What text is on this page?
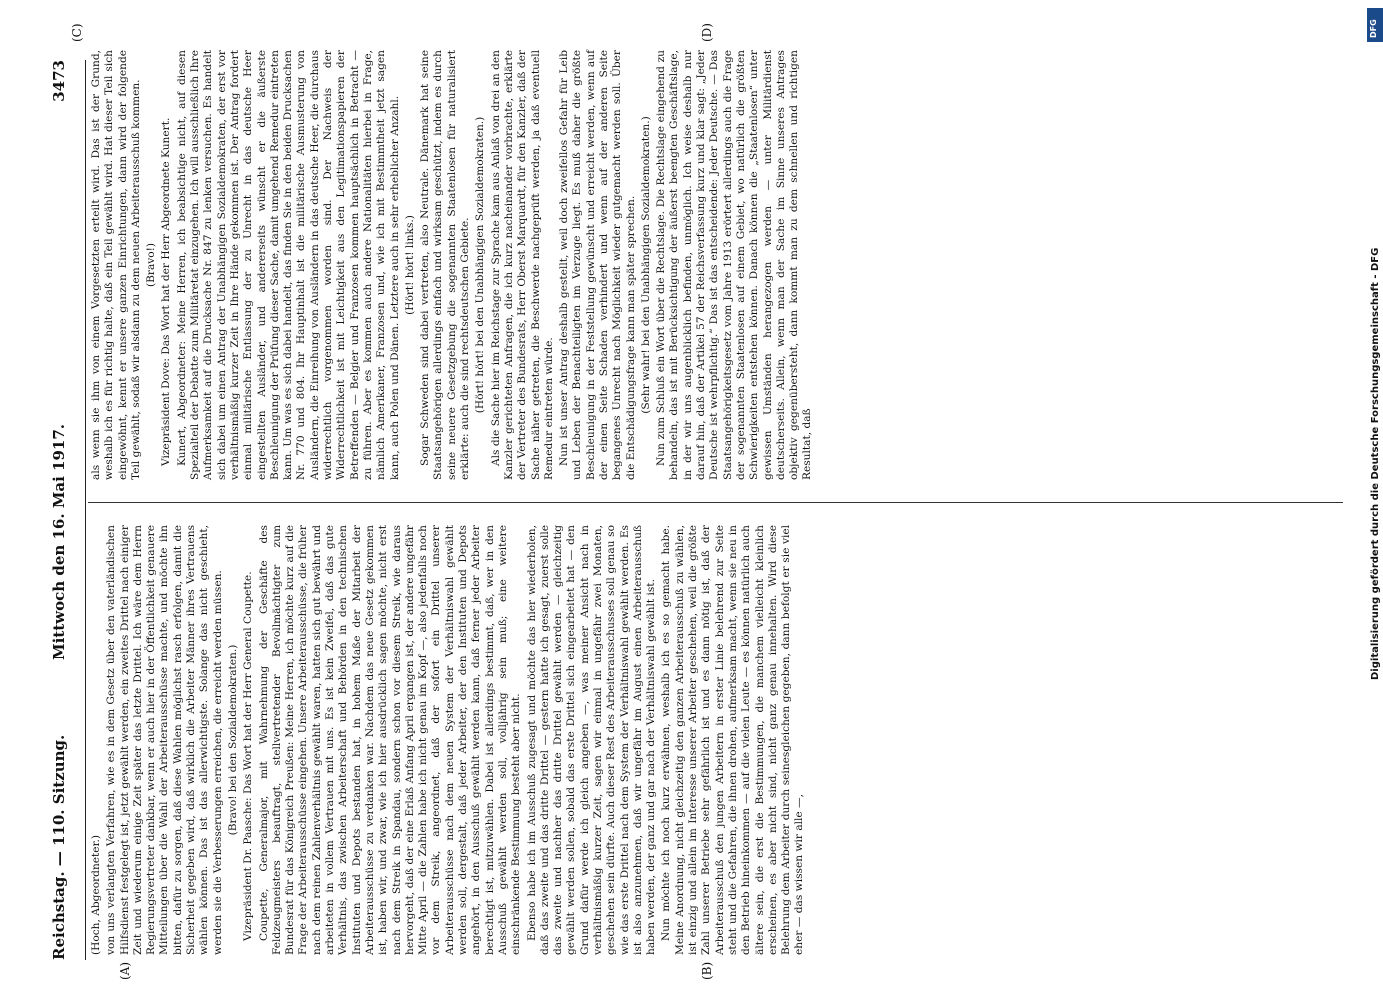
Reichstag. — 110. Sitzung.
Mittwoch den 16. Mai 1917.
3473
(A)	(B)
(C)	(D)

(Hoch, Abgeordneter.) von uns verlangten Verfahren, wie es in dem Gesetz über den vaterländischen Hilfsdienst festgelegt ist, jetzt gewählt werden, ein zweites Drittel nach einiger Zeit und wiederum einige Zeit später das letzte Drittel. Ich wäre dem Herrn Regierungsvertreter dankbar, wenn er auch hier in der Öffentlichkeit genauere Mitteilungen über die Wahl der Arbeiterausschüsse machte, und möchte ihn bitten, dafür zu sorgen, daß diese Wahlen möglichst rasch erfolgen, damit die Sicherheit gegeben wird, daß wirklich die Arbeiter Männer ihres Vertrauens wählen können. Das ist das allerwichtigste. Solange das nicht geschieht, werden sie die Verbesserungen erreichen, die erreicht werden müssen. (Bravo! bei den Sozialdemokraten.) Vizepräsident Dr. Paasche: Das Wort hat der Herr General Coupette. Coupette, Generalmajor, mit Wahrnehmung der Geschäfte des Feldzeugmeisters beauftragt, stellvertretender Bevollmächtigter zum Bundesrat für das Königreich Preußen: Meine Herren, ich möchte kurz auf die Frage der Arbeiterausschüsse eingehen. Unsere Arbeiterausschüsse, die früher nach dem reinen Zahlenverhältnis gewählt waren, hatten sich gut bewährt und arbeiteten in vollem Vertrauen mit uns. Es ist kein Zweifel, daß das gute Verhältnis, das zwischen Arbeiterschaft und Behörden in den technischen Instituten und Depots bestanden hat, in hohem Maße der Mitarbeit der Arbeiterausschüsse zu verdanken war. Nachdem das neue Gesetz gekommen ist, haben wir, und zwar, wie ich hier ausdrücklich sagen möchte, nicht erst nach dem Streik in Spandau, sondern schon vor diesem Streik, wie daraus hervorgeht, daß der eine Erlaß Anfang April ergangen ist, der andere ungefähr Mitte April — die Zahlen habe ich nicht genau im Kopf —, also jedenfalls noch vor dem Streik, angeordnet, daß der sofort ein Drittel unserer Arbeiterausschüsse nach dem neuen System der Verhältniswahl gewählt werden soll, dergestalt, daß jeder Arbeiter, der den Instituten und Depots angehört, in den Ausschuß gewählt werden kann, daß ferner jeder Arbeiter berechtigt ist, mitzuwählen. Dabei ist allerdings bestimmt, daß, wer in den Ausschuß gewählt werden soll, volljährig sein muß; eine weitere einschränkende Bestimmung besteht aber nicht. Ebenso habe ich im Ausschuß zugesagt und möchte das hier wiederholen, daß das zweite und das dritte Drittel — gestern hatte ich gesagt, zuerst solle das zweite und nachher das dritte Drittel gewählt werden — gleichzeitig gewählt werden sollen, sobald das erste Drittel sich eingearbeitet hat — den Grund dafür werde ich gleich angeben —, was meiner Ansicht nach in verhältnismäßig kurzer Zeit, sagen wir einmal in ungefähr zwei Monaten, geschehen sein dürfte. Auch dieser Rest des Arbeiterausschusses soll genau so wie das erste Drittel nach dem System der Verhältniswahl gewählt werden. Es ist also anzunehmen, daß wir ungefähr im August einen Arbeiterausschuß haben werden, der ganz und gar nach der Verhältniswahl gewählt ist. Nun möchte ich noch kurz erwähnen, weshalb ich es so gemacht habe. Meine Anordnung, nicht gleichzeitig den ganzen Arbeiterausschuß zu wählen, ist einzig und allein im Interesse unserer Arbeiter geschehen, weil die größte Zahl unserer Betriebe sehr gefährlich ist und es dann nötig ist, daß der Arbeiterausschuß den jungen Arbeitern in erster Linie belehrend zur Seite steht und die Gefahren, die ihnen drohen, aufmerksam macht, wenn sie neu in den Betrieb hineinkommen — auf die vielen Leute — es können natürlich auch ältere sein, die erst die Bestimmungen, die manchem vielleicht kleinlich erscheinen, es aber nicht sind, nicht ganz genau innehalten. Wird diese Belehrung dem Arbeiter durch seinesgleichen gegeben, dann befolgt er sie viel eher — das wissen wir alle —,

als wenn sie ihm von einem Vorgesetzten erteilt wird. Das ist der Grund, weshalb ich es für richtig halte, daß ein Teil gewählt wird. Hat dieser Teil sich eingewöhnt, kennt er unsere ganzen Einrichtungen, dann wird der folgende Teil gewählt, sodaß wir alsdann zu dem neuen Arbeiterausschuß kommen. (Bravo!) Vizepräsident Dove: Das Wort hat der Herr Abgeordnete Kunert. Kunert, Abgeordneter: Meine Herren, ich beabsichtige nicht, auf diesen Spezialteil der Debatte zum Militäretat einzugehen. Ich will ausschließlich Ihre Aufmerksamkeit auf die Drucksache Nr. 847 zu lenken versuchen. Es handelt sich dabei um einen Antrag der Unabhängigen Sozialdemokraten, der erst vor verhältnismäßig kurzer Zeit in Ihre Hände gekommen ist. Der Antrag fordert einmal militärische Entlassung der zu Unrecht in das deutsche Heer eingestellten Ausländer, und andererseits wünscht er die äußerste Beschleunigung der Prüfung dieser Sache, damit umgehend Remedur eintreten kann. Um was es sich dabei handelt, das finden Sie in den beiden Drucksachen Nr. 770 und 804. Ihr Hauptinhalt ist die militärische Ausmusterung von Ausländern, die Einreihung von Ausländern in das deutsche Heer, die durchaus widerrechtlich vorgenommen worden sind. Der Nachweis der Widerrechtlichkeit ist mit Leichtigkeit aus den Legitimationspapieren der Betreffenden — Belgier und Franzosen kommen hauptsächlich in Betracht — zu führen. Aber es kommen auch andere Nationalitäten hierbei in Frage, nämlich Amerikaner, Franzosen und, wie ich mit Bestimmtheit jetzt sagen kann, auch Polen und Dänen. Letztere auch in sehr erheblicher Anzahl. (Hört! hört! links.) Sogar Schweden sind dabei vertreten, also Neutrale. Dänemark hat seine Staatsangehörigen allerdings einfach und wirksam geschützt, indem es durch seine neuere Gesetzgebung die sogenannten Staatenlosen für naturalisiert erklärte: auch die sind rechtsdeutschen Gebiete. (Hört! hört! bei den Unabhängigen Sozialdemokraten.) Als die Sache hier im Reichstage zur Sprache kam aus Anlaß von drei an den Kanzler gerichteten Anfragen, die ich kurz nacheinander vorbrachte, erklärte der Vertreter des Bundesrats, Herr Oberst Marquardt, für den Kanzler, daß der Sache näher getreten, die Beschwerde nachgeprüft werden, ja daß eventuell Remedur eintreten würde. Nun ist unser Antrag deshalb gestellt, weil doch zweifellos Gefahr für Leib und Leben der Benachteiligten im Verzuge liegt. Es muß daher die größte Beschleunigung in der Feststellung gewünscht und erreicht werden, wenn auf der einen Seite Schaden verhindert und wenn auf der anderen Seite begangenes Unrecht nach Möglichkeit wieder gutgemacht werden soll. Über die Entschädigungsfrage kann man später sprechen. (Sehr wahr! bei den Unabhängigen Sozialdemokraten.) Nun zum Schluß ein Wort über die Rechtslage. Die Rechtslage eingehend zu behandeln, das ist mit Berücksichtigung der äußerst beengten Geschäftslage, in der wir uns augenblicklich befinden, unmöglich. Ich weise deshalb nur darauf hin, daß der Artikel 57 der Reichsverfassung kurz und klar sagt: „Jeder Deutsche ist wehrpflichtig.“ Das ist das entscheidende: Jeder Deutsche. — Das Staatsangehörigkeitsgesetz vom Jahre 1913 erörtert allerdings auch die Frage der sogenannten Staatenlosen auf einem Gebiet, wo natürlich die größten Schwierigkeiten entstehen können. Danach können die „Staatenlosen“ unter gewissen Umständen herangezogen werden — unter Militärdienst deutscherseits. Allein, wenn man der Sache im Sinne unseres Antrages objektiv gegenübersteht, dann kommt man zu dem schnellen und richtigen Resultat, daß

DFG
Digitalisierung gefördert durch die Deutsche Forschungsgemeinschaft - DFG
